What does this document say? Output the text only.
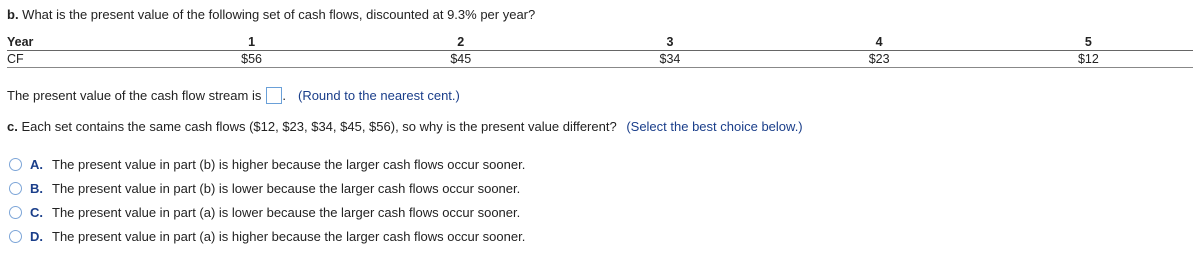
b. What is the present value of the following set of cash flows, discounted at 9.3% per year?
Year	1	2	3	4	5
CF	$56	$45	$34	$23	$12
The present value of the cash flow stream is . (Round to the nearest cent.)
c. Each set contains the same cash flows ($12, $23, $34, $45, $56), so why is the present value different? (Select the best choice below.)
A. The present value in part (b) is higher because the larger cash flows occur sooner.
B. The present value in part (b) is lower because the larger cash flows occur sooner.
C. The present value in part (a) is lower because the larger cash flows occur sooner.
D. The present value in part (a) is higher because the larger cash flows occur sooner.
